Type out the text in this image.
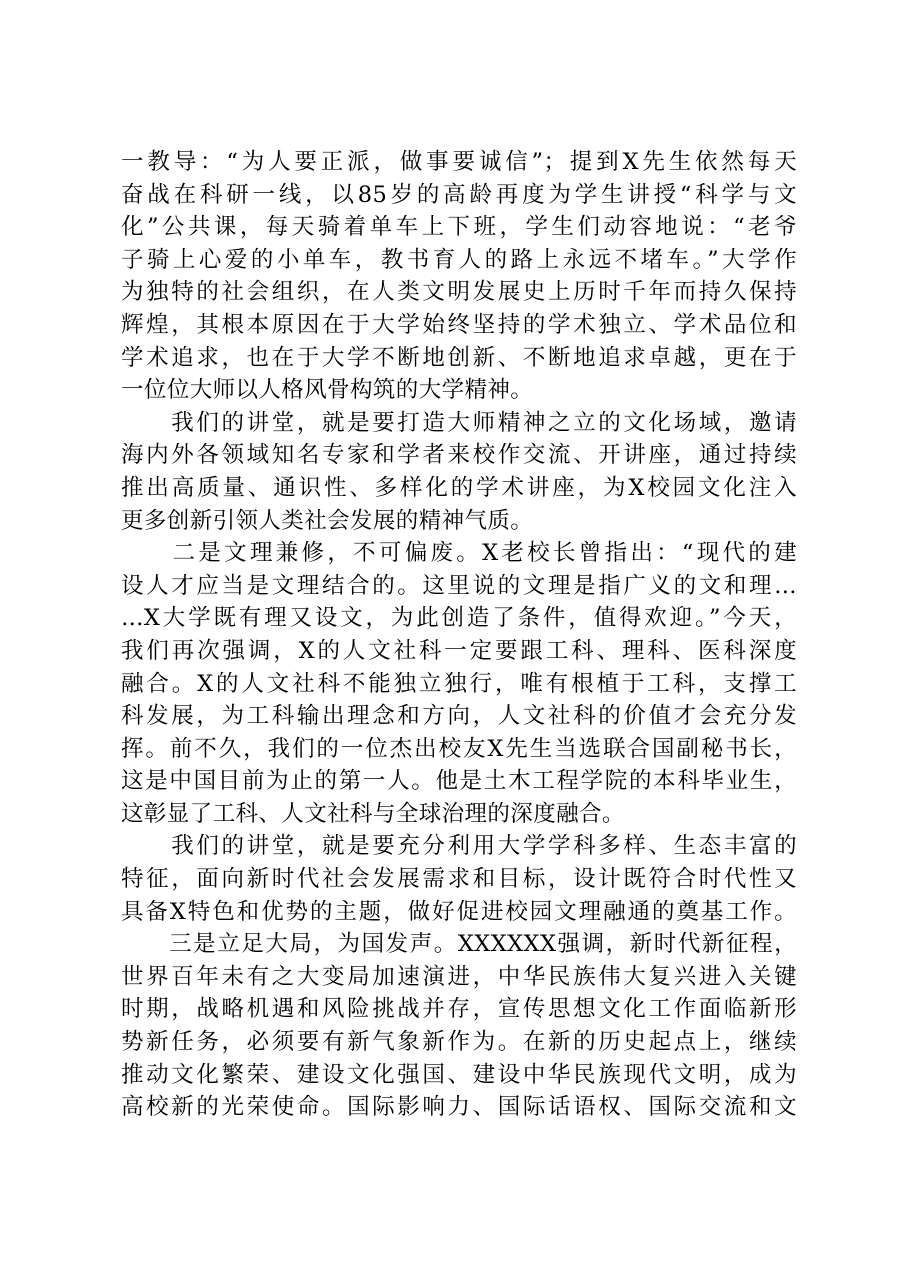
一教导：“为人要正派，做事要诚信”；提到X先生依然每天
奋战在科研一线，以85岁的高龄再度为学生讲授“科学与文
化”公共课，每天骑着单车上下班，学生们动容地说：“老爷
子骑上心爱的小单车，教书育人的路上永远不堵车。”大学作
为独特的社会组织，在人类文明发展史上历时千年而持久保持
辉煌，其根本原因在于大学始终坚持的学术独立、学术品位和
学术追求，也在于大学不断地创新、不断地追求卓越，更在于
一位位大师以人格风骨构筑的大学精神。
　　我们的讲堂，就是要打造大师精神之立的文化场域，邀请
海内外各领域知名专家和学者来校作交流、开讲座，通过持续
推出高质量、通识性、多样化的学术讲座，为X校园文化注入
更多创新引领人类社会发展的精神气质。
　　二是文理兼修，不可偏废。X老校长曾指出：“现代的建
设人才应当是文理结合的。这里说的文理是指广义的文和理…
…X大学既有理又设文，为此创造了条件，值得欢迎。”今天，
我们再次强调，X的人文社科一定要跟工科、理科、医科深度
融合。X的人文社科不能独立独行，唯有根植于工科，支撑工
科发展，为工科输出理念和方向，人文社科的价值才会充分发
挥。前不久，我们的一位杰出校友X先生当选联合国副秘书长，
这是中国目前为止的第一人。他是土木工程学院的本科毕业生，
这彰显了工科、人文社科与全球治理的深度融合。
　　我们的讲堂，就是要充分利用大学学科多样、生态丰富的
特征，面向新时代社会发展需求和目标，设计既符合时代性又
具备X特色和优势的主题，做好促进校园文理融通的奠基工作。
　　三是立足大局，为国发声。XXXXXX强调，新时代新征程，
世界百年未有之大变局加速演进，中华民族伟大复兴进入关键
时期，战略机遇和风险挑战并存，宣传思想文化工作面临新形
势新任务，必须要有新气象新作为。在新的历史起点上，继续
推动文化繁荣、建设文化强国、建设中华民族现代文明，成为
高校新的光荣使命。国际影响力、国际话语权、国际交流和文
